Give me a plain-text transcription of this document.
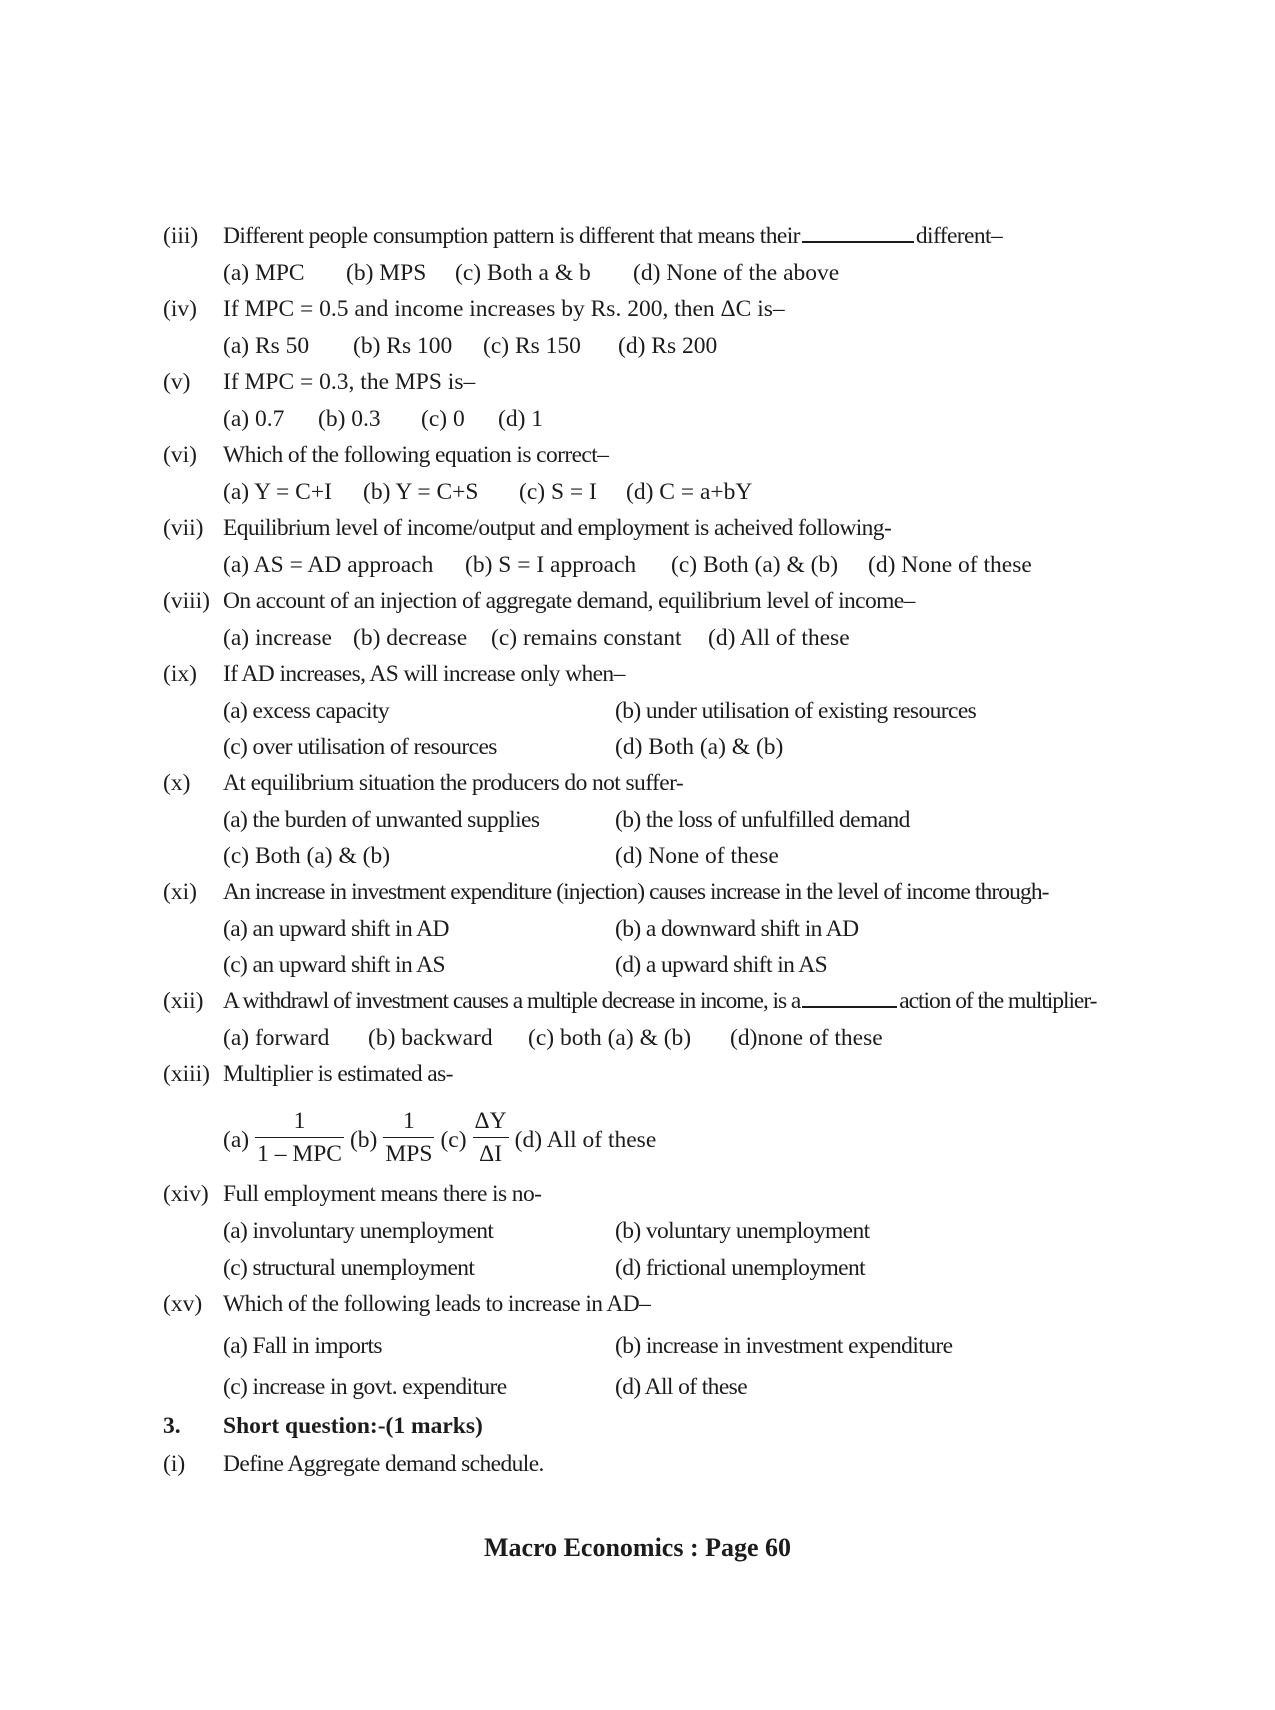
(iii) Different people consumption pattern is different that means their	different–
(a) MPC (b) MPS (c) Both a & b (d) None of the above
(iv) If MPC = 0.5 and income increases by Rs. 200, then ΔC is–
(a) Rs 50 (b) Rs 100 (c) Rs 150 (d) Rs 200
(v) If MPC = 0.3, the MPS is–
(a) 0.7 (b) 0.3 (c) 0 (d) 1
(vi) Which of the following equation is correct–
(a) Y = C+I (b) Y = C+S (c) S = I (d) C = a+bY
(vii) Equilibrium level of income/output and employment is acheived following-
(a) AS = AD approach (b) S = I approach (c) Both (a) & (b) (d) None of these
(viii) On account of an injection of aggregate demand, equilibrium level of income–
(a) increase (b) decrease (c) remains constant (d) All of these
(ix) If AD increases, AS will increase only when–
(a) excess capacity	(b) under utilisation of existing resources
(c) over utilisation of resources	(d) Both (a) & (b)
(x) At equilibrium situation the producers do not suffer-
(a) the burden of unwanted supplies	(b) the loss of unfulfilled demand
(c) Both (a) & (b)	(d) None of these
(xi) An increase in investment expenditure (injection) causes increase in the level of income through-
(a) an upward shift in AD	(b) a downward shift in AD
(c) an upward shift in AS	(d) a upward shift in AS
(xii) A withdrawl of investment causes a multiple decrease in income, is a	action of the multiplier-
(a) forward (b) backward (c) both (a) & (b) (d)none of these
(xiii) Multiplier is estimated as-
$(a) \frac{1}{\text{1 – MPC}} (b) \frac{1}{\text{MPS}} (c) \frac{\Delta Y}{\Delta I} (d)$ All of these
(xiv) Full employment means there is no-
(a) involuntary unemployment	(b) voluntary unemployment
(c) structural unemployment	(d) frictional unemployment
(xv) Which of the following leads to increase in AD–
(a) Fall in imports	(b) increase in investment expenditure
(c) increase in govt. expenditure	(d) All of these
3. Short question:-(1 marks)
(i) Define Aggregate demand schedule.
Macro Economics : Page 60
